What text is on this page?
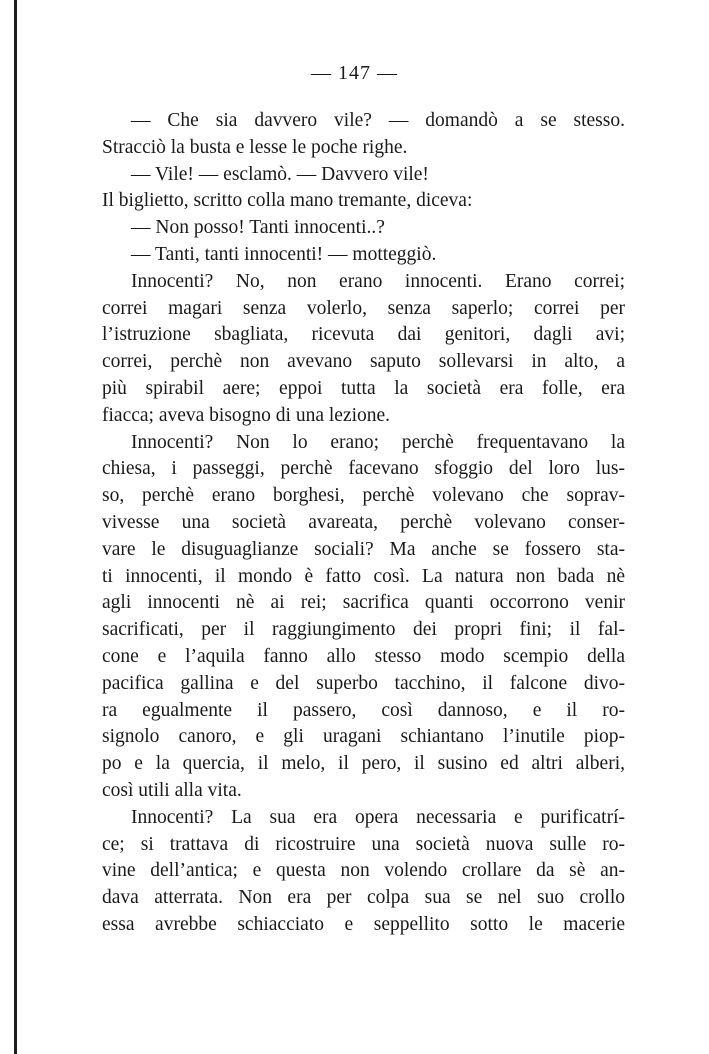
— 147 —
— Che sia davvero vile? — domandò a se stesso.
Stracciò la busta e lesse le poche righe.
— Vile! — esclamò. — Davvero vile!
Il biglietto, scritto colla mano tremante, diceva:
— Non posso! Tanti innocenti..?
— Tanti, tanti innocenti! — motteggiò.
Innocenti? No, non erano innocenti. Erano correi;
correi magari senza volerlo, senza saperlo; correi per
l’istruzione sbagliata, ricevuta dai genitori, dagli avi;
correi, perchè non avevano saputo sollevarsi in alto, a
più spirabil aere; eppoi tutta la società era folle, era
fiacca; aveva bisogno di una lezione.
Innocenti? Non lo erano; perchè frequentavano la
chiesa, i passeggi, perchè facevano sfoggio del loro lus-
so, perchè erano borghesi, perchè volevano che soprav-
vivesse una società avareata, perchè volevano conser-
vare le disuguaglianze sociali? Ma anche se fossero sta-
ti innocenti, il mondo è fatto così. La natura non bada nè
agli innocenti nè ai rei; sacrifica quanti occorrono venir
sacrificati, per il raggiungimento dei propri fini; il fal-
cone e l’aquila fanno allo stesso modo scempio della
pacifica gallina e del superbo tacchino, il falcone divo-
ra egualmente il passero, così dannoso, e il ro-
signolo canoro, e gli uragani schiantano l’inutile piop-
po e la quercia, il melo, il pero, il susino ed altri alberi,
così utili alla vita.
Innocenti? La sua era opera necessaria e purificatrí-
ce; si trattava di ricostruire una società nuova sulle ro-
vine dell’antica; e questa non volendo crollare da sè an-
dava atterrata. Non era per colpa sua se nel suo crollo
essa avrebbe schiacciato e seppellito sotto le macerie
